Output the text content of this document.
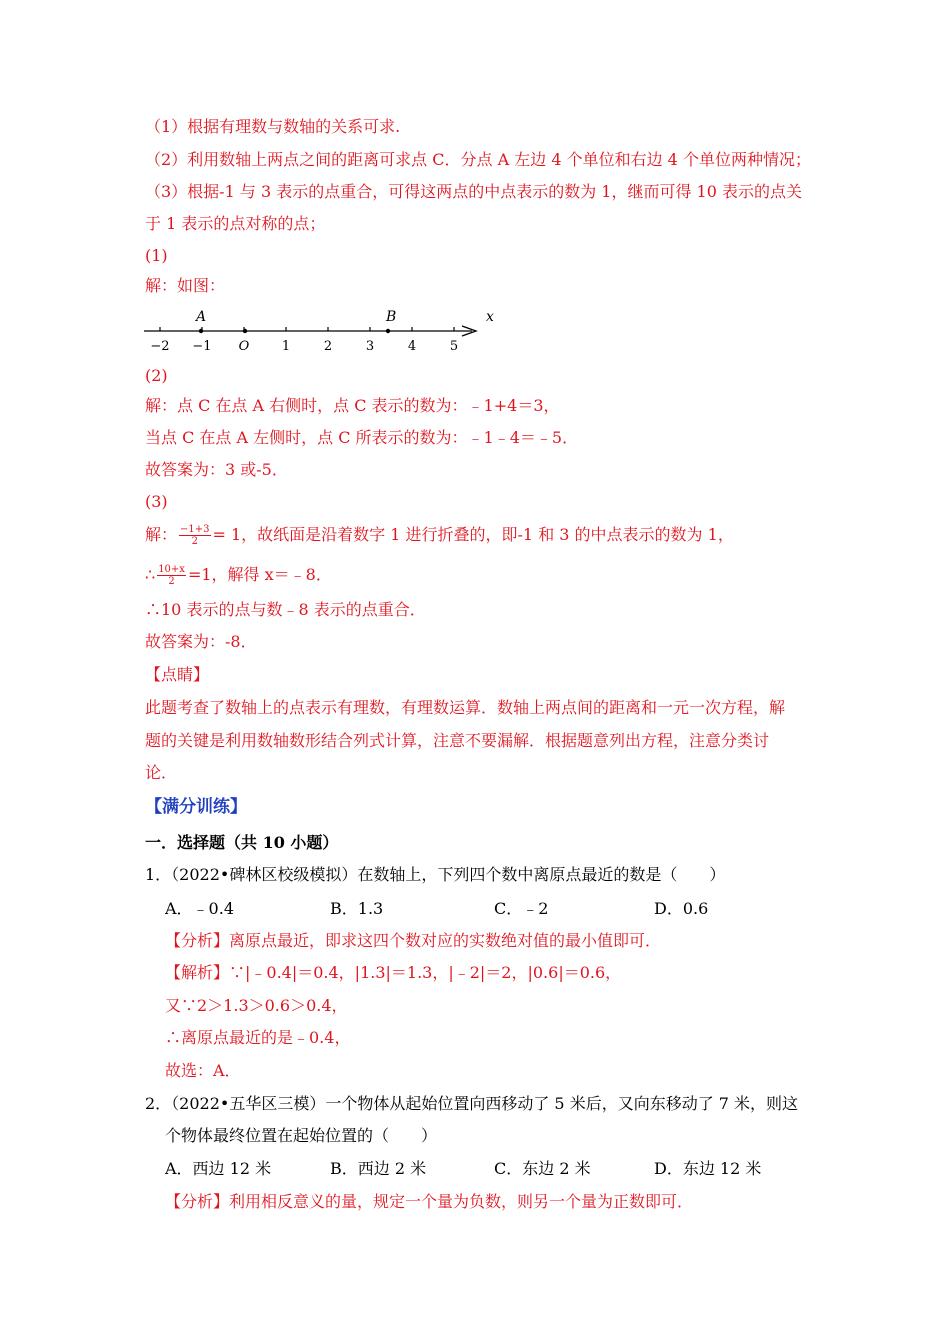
（1）根据有理数与数轴的关系可求.
（2）利用数轴上两点之间的距离可求点 C．分点 A 左边 4 个单位和右边 4 个单位两种情况；
（3）根据-1 与 3 表示的点重合，可得这两点的中点表示的数为 1，继而可得 10 表示的点关
于 1 表示的点对称的点；
(1)
解：如图：
−2 −1 O	1	2	3	4	5
A	B	x
(2)
解：点 C 在点 A 右侧时，点 C 表示的数为：﹣1+4＝3，
当点 C 在点 A 左侧时，点 C 所表示的数为：﹣1﹣4＝﹣5．
故答案为：3 或-5．
(3)
解： $\frac{-1+3}{2} = 1$，故纸面是沿着数字 1 进行折叠的，即-1 和 3 的中点表示的数为 1，
∴ $\frac{10+x}{2} =1$，解得 x＝﹣8．
∴10 表示的点与数﹣8 表示的点重合．
故答案为：-8．
【点睛】
此题考查了数轴上的点表示有理数，有理数运算．数轴上两点间的距离和一元一次方程，解
题的关键是利用数轴数形结合列式计算，注意不要漏解．根据题意列出方程，注意分类讨
论．
【满分训练】
一．选择题（共 10 小题）
1．（2022•碑林区校级模拟）在数轴上，下列四个数中离原点最近的数是（　　）
A．﹣0.4	B．1.3	C．﹣2	D．0.6
【分析】离原点最近，即求这四个数对应的实数绝对值的最小值即可．
【解析】∵|﹣0.4|＝0.4，|1.3|＝1.3，|﹣2|＝2，|0.6|＝0.6，
又∵2＞1.3＞0.6＞0.4，
∴离原点最近的是﹣0.4，
故选：A．
2．（2022•五华区三模）一个物体从起始位置向西移动了 5 米后，又向东移动了 7 米，则这
个物体最终位置在起始位置的（　　）
A．西边 12 米	B．西边 2 米	C．东边 2 米	D．东边 12 米
【分析】利用相反意义的量，规定一个量为负数，则另一个量为正数即可．
